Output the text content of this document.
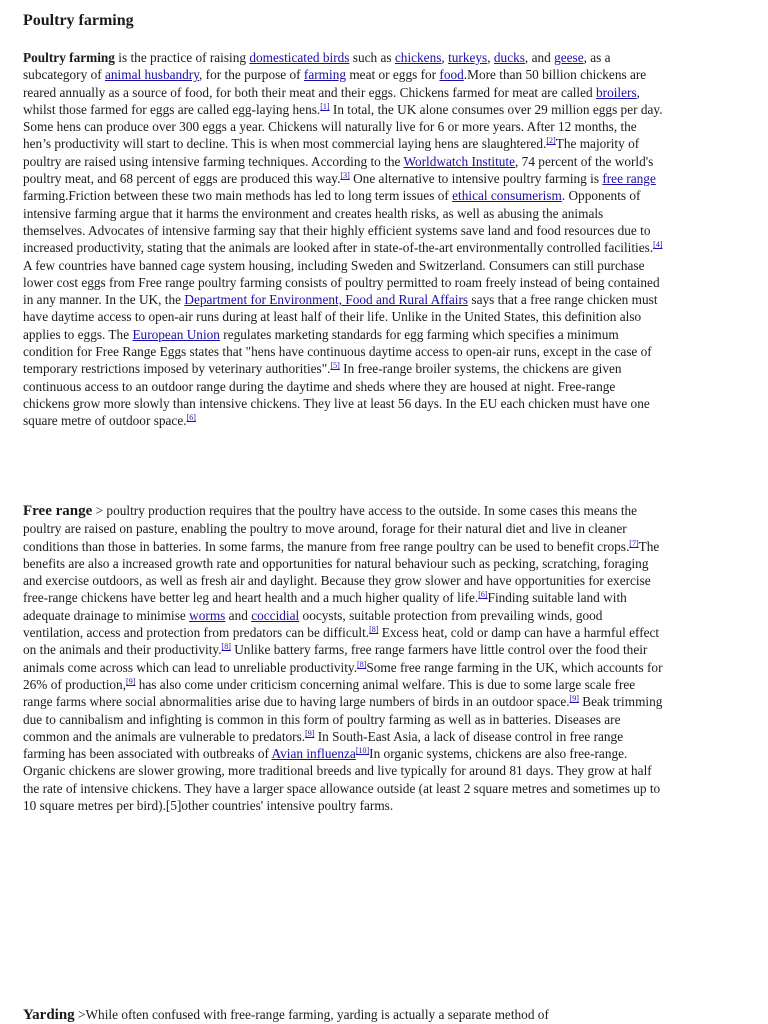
Poultry farming

Poultry farming is the practice of raising domesticated birds such as chickens, turkeys, ducks, and geese, as a subcategory of animal husbandry, for the purpose of farming meat or eggs for food.More than 50 billion chickens are reared annually as a source of food, for both their meat and their eggs. Chickens farmed for meat are called broilers, whilst those farmed for eggs are called egg-laying hens.[1] In total, the UK alone consumes over 29 million eggs per day. Some hens can produce over 300 eggs a year. Chickens will naturally live for 6 or more years. After 12 months, the hen’s productivity will start to decline. This is when most commercial laying hens are slaughtered.[2]The majority of poultry are raised using intensive farming techniques. According to the Worldwatch Institute, 74 percent of the world's poultry meat, and 68 percent of eggs are produced this way.[3] One alternative to intensive poultry farming is free range farming.Friction between these two main methods has led to long term issues of ethical consumerism. Opponents of intensive farming argue that it harms the environment and creates health risks, as well as abusing the animals themselves. Advocates of intensive farming say that their highly efficient systems save land and food resources due to increased productivity, stating that the animals are looked after in state-of-the-art environmentally controlled facilities.[4] A few countries have banned cage system housing, including Sweden and Switzerland. Consumers can still purchase lower cost eggs from Free range poultry farming consists of poultry permitted to roam freely instead of being contained in any manner. In the UK, the Department for Environment, Food and Rural Affairs says that a free range chicken must have daytime access to open-air runs during at least half of their life. Unlike in the United States, this definition also applies to eggs. The European Union regulates marketing standards for egg farming which specifies a minimum condition for Free Range Eggs states that "hens have continuous daytime access to open-air runs, except in the case of temporary restrictions imposed by veterinary authorities".[5] In free-range broiler systems, the chickens are given continuous access to an outdoor range during the daytime and sheds where they are housed at night. Free-range chickens grow more slowly than intensive chickens. They live at least 56 days. In the EU each chicken must have one square metre of outdoor space.[6]

Free range > poultry production requires that the poultry have access to the outside. In some cases this means the poultry are raised on pasture, enabling the poultry to move around, forage for their natural diet and live in cleaner conditions than those in batteries. In some farms, the manure from free range poultry can be used to benefit crops.[7]The benefits are also a increased growth rate and opportunities for natural behaviour such as pecking, scratching, foraging and exercise outdoors, as well as fresh air and daylight. Because they grow slower and have opportunities for exercise free-range chickens have better leg and heart health and a much higher quality of life.[6]Finding suitable land with adequate drainage to minimise worms and coccidial oocysts, suitable protection from prevailing winds, good ventilation, access and protection from predators can be difficult.[8] Excess heat, cold or damp can have a harmful effect on the animals and their productivity.[8] Unlike battery farms, free range farmers have little control over the food their animals come across which can lead to unreliable productivity.[8]Some free range farming in the UK, which accounts for 26% of production,[9] has also come under criticism concerning animal welfare. This is due to some large scale free range farms where social abnormalities arise due to having large numbers of birds in an outdoor space.[9] Beak trimming due to cannibalism and infighting is common in this form of poultry farming as well as in batteries. Diseases are common and the animals are vulnerable to predators.[9] In South-East Asia, a lack of disease control in free range farming has been associated with outbreaks of Avian influenza[10]In organic systems, chickens are also free-range. Organic chickens are slower growing, more traditional breeds and live typically for around 81 days. They grow at half the rate of intensive chickens. They have a larger space allowance outside (at least 2 square metres and sometimes up to 10 square metres per bird).[5]other countries' intensive poultry farms.

Yarding >While often confused with free-range farming, yarding is actually a separate method of
